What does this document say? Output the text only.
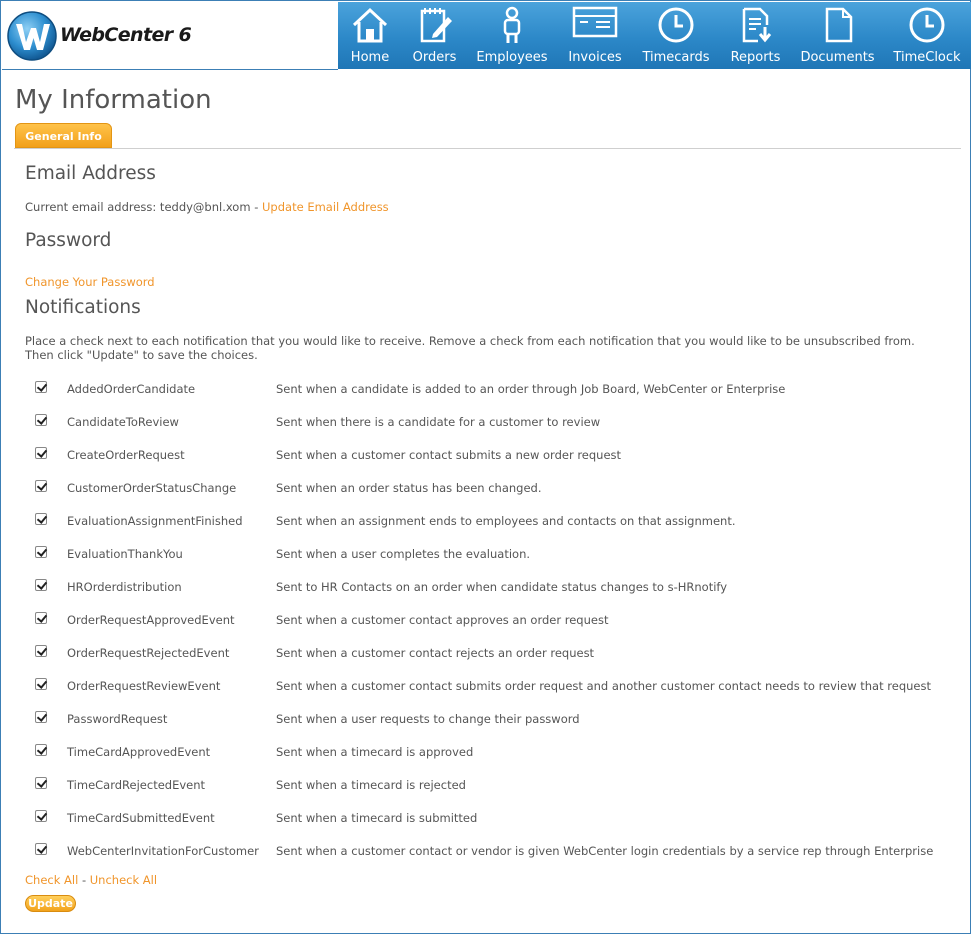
WebCenter 6
Home	Orders	Employees	Invoices	Timecards	Reports	Documents	TimeClock
My Information
General Info
Email Address
Current email address: teddy@bnl.xom - Update Email Address
Password
Change Your Password
Notifications
Place a check next to each notification that you would like to receive. Remove a check from each notification that you would like to be unsubscribed from. Then click "Update" to save the choices.
AddedOrderCandidate	Sent when a candidate is added to an order through Job Board, WebCenter or Enterprise
CandidateToReview	Sent when there is a candidate for a customer to review
CreateOrderRequest	Sent when a customer contact submits a new order request
CustomerOrderStatusChange	Sent when an order status has been changed.
EvaluationAssignmentFinished	Sent when an assignment ends to employees and contacts on that assignment.
EvaluationThankYou	Sent when a user completes the evaluation.
HROrderdistribution	Sent to HR Contacts on an order when candidate status changes to s-HRnotify
OrderRequestApprovedEvent	Sent when a customer contact approves an order request
OrderRequestRejectedEvent	Sent when a customer contact rejects an order request
OrderRequestReviewEvent	Sent when a customer contact submits order request and another customer contact needs to review that request
PasswordRequest	Sent when a user requests to change their password
TimeCardApprovedEvent	Sent when a timecard is approved
TimeCardRejectedEvent	Sent when a timecard is rejected
TimeCardSubmittedEvent	Sent when a timecard is submitted
WebCenterInvitationForCustomer Sent when a customer contact or vendor is given WebCenter login credentials by a service rep through Enterprise
Check All - Uncheck All
Update
